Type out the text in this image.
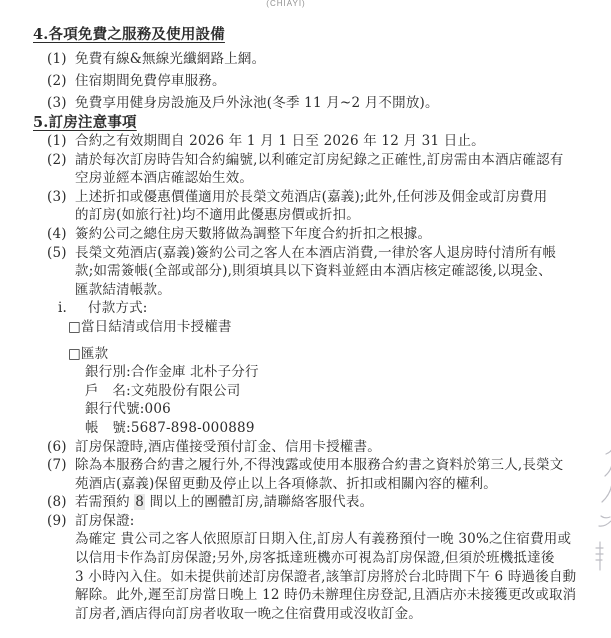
(CHIAYI)
4.各項免費之服務及使用設備
(1) 免費有線&無線光纖網路上網。
(2) 住宿期間免費停車服務。
(3) 免費享用健身房設施及戶外泳池(冬季 11 月~2 月不開放)。
5.訂房注意事項
(1) 合約之有效期間自 2026 年 1 月 1 日至 2026 年 12 月 31 日止。
(2) 請於每次訂房時告知合約編號,以利確定訂房紀錄之正確性,訂房需由本酒店確認有
空房並經本酒店確認始生效。
(3) 上述折扣或優惠價僅適用於長榮文苑酒店(嘉義);此外,任何涉及佣金或訂房費用
的訂房(如旅行社)均不適用此優惠房價或折扣。
(4) 簽約公司之總住房天數將做為調整下年度合約折扣之根據。
(5) 長榮文苑酒店(嘉義)簽約公司之客人在本酒店消費,一律於客人退房時付清所有帳
款;如需簽帳(全部或部分),則須填具以下資料並經由本酒店核定確認後,以現金、
匯款結清帳款。
i. 付款方式:
□當日結清或信用卡授權書
□匯款
銀行別:合作金庫 北朴子分行
戶　名:文苑股份有限公司
銀行代號:006
帳　號:5687-898-000889
(6) 訂房保證時,酒店僅接受預付訂金、信用卡授權書。
(7) 除為本服務合約書之履行外,不得洩露或使用本服務合約書之資料於第三人,長榮文
苑酒店(嘉義)保留更動及停止以上各項條款、折扣或相關內容的權利。
(8) 若需預約 8 間以上的團體訂房,請聯絡客服代表。
(9) 訂房保證:
為確定 貴公司之客人依照原訂日期入住,訂房人有義務預付一晚 30%之住宿費用或
以信用卡作為訂房保證;另外,房客抵達班機亦可視為訂房保證,但須於班機抵達後
3 小時內入住。如未提供前述訂房保證者,該筆訂房將於台北時間下午 6 時過後自動
解除。此外,遲至訂房當日晚上 12 時仍未辦理住房登記,且酒店亦未接獲更改或取消
訂房者,酒店得向訂房者收取一晚之住宿費用或沒收訂金。
